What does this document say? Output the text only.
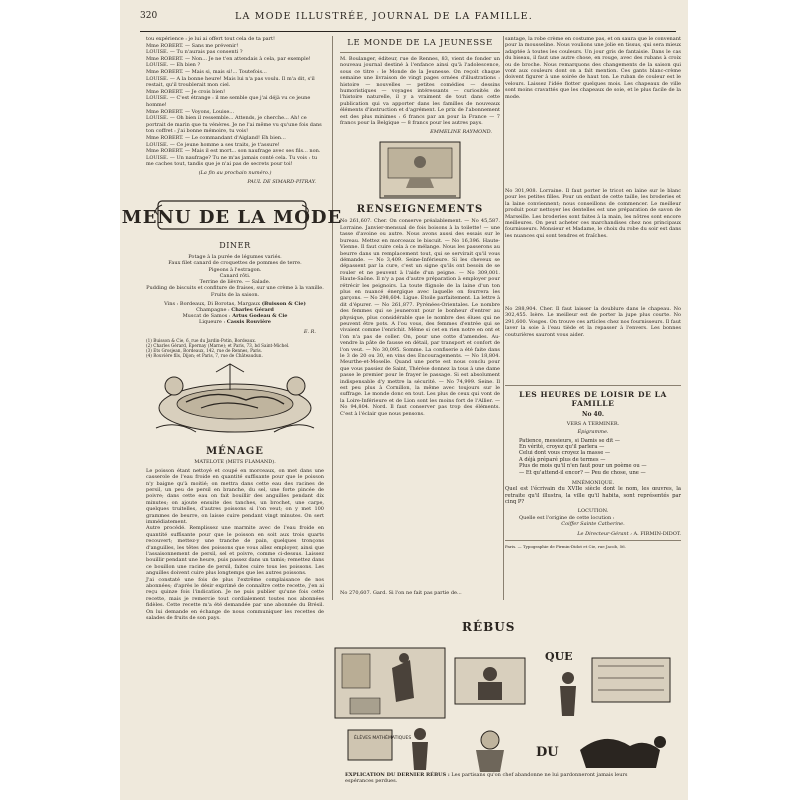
320	LA MODE ILLUSTRÉE, JOURNAL DE LA FAMILLE.

tou expérience : je lui ai offert tout cela de ta part!

Mme ROBERT. — Sans me prévenir!

LOUISE. — Tu n'aurais pas consenti ?

Mme ROBERT. — Non... Je ne t'en attendais à cela, par exemple!

LOUISE. — Eh bien ?

Mme ROBERT. — Mais si, mais si!... Toutefois...

LOUISE. — A la bonne heure! Mais lui n'a pas voulu. Il m'a dit, s'il restait, qu'il troublerait mon ciel.

Mme ROBERT. — Je crois bien!

LOUISE. — C'est étrange : il me semble que j'ai déjà vu ce jeune homme!

Mme ROBERT. — Voyons, Louise...

LOUISE. — Oh bien il ressemble... Attends, je cherche... Ah! ce portrait de marin que tu vénères. Je ne l'ai même vu qu'une fois dans ton coffret : j'ai bonne mémoire, tu vois!

Mme ROBERT. — Le commandant d'Aigland! Eh bien...

LOUISE. — Ce jeune homme a ses traits, je t'assure!

Mme ROBERT. — Mais il est mort... son naufrage avec ses fils... non.

LOUISE. — Un naufrage? Tu ne m'as jamais conté cela. Tu vois : tu me caches tout, tandis que je n'ai pas de secrets pour toi!

(La fin au prochain numéro.)
PAUL DE SIMARD-PITRAY.
MENU DE LA MODE
DINER
Potage à la purée de légumes variés.
Faux filet canard de croquettes de pommes de terre.
Pigeons à l'estragon.
Canard rôti.
Terrine de lièvre. — Salade.
Pudding de biscuits et confiture de fraises, sur une crème à la vanille.
Fruits de la saison.
Vins : Bordeaux, Di Borotas, Margaux (Buisson & Cie)
Champagne : Charles Gérard
Muscat de Samos : Artus Godeau & Cie
Liqueure : Cassis Rouvière
E. R.
(1) Buisson & Cie, 6, rue du Jardin-Potin, Bordeaux.
(2) Charles Gérard, Épernay (Marne); et Paris, 73, bd Saint-Michel.
(3) Ets Grosjean, Bordeaux, 142, rue de Rennes, Paris.
(4) Rouvière fils, Dijon; et Paris, 7, rue de Châteaudun.
MÉNAGE
MATELOTE (METS FLAMAND).

Le poisson étant nettoyé et coupé en morceaux, on met dans une casserole de l'eau froide en quantité suffisante pour que le poisson n'y baigne qu'à moitié; on mettra dans cette eau des racines de persil, un peu de persil en branche, du sel, une forte pincée de poivre; dans cette eau on fait bouillir des anguilles pendant dix minutes; on ajoute ensuite des tanches, un brochet, une carpe, quelques truitelles, d'autres poissons si l'on veut; on y met 100 grammes de beurre, on laisse cuire pendant vingt minutes. On sert immédiatement.

Autre procédé. Remplissez une marmite avec de l'eau froide en quantité suffisante pour que le poisson en soit aux trois quarts recouvert; mettez-y une tranche de pain, quelques tronçons d'anguilles, les têtes des poissons que vous allez employer, ainsi que l'assaisonnement de persil, sel et poivre, comme ci-dessus. Laissez bouillir pendant une heure, puis passez dans un tamis; remettez dans ce bouillon une racine de persil, faites cuire tous les poissons. Les anguilles doivent cuire plus longtemps que les autres poissons.

J'ai constaté une fois de plus l'extrême complaisance de nos abonnées; d'après le désir exprimé de connaître cette recette, j'en ai reçu quinze fois l'indication. Je ne puis publier qu'une fois cette recette, mais je remercie tout cordialement toutes nos abonnées fidèles. Cette recette m'a été demandée par une abonnée du Brésil. On lui demande en échange de nous communiquer les recettes de salades de fruits de son pays.

LE MONDE DE LA JEUNESSE

M. Boulanger, éditeur, rue de Rennes, 83, vient de fonder un nouveau journal destiné à l'enfance ainsi qu'à l'adolescence, sous ce titre : le Monde de la Jeunesse. On reçoit chaque semaine une livraison de vingt pages ornées d'illustrations : histoire — nouvelles — petites comédies — dessins humoristiques — voyages intéressants — curiosités de l'histoire naturelle, il y a vraiment de tout dans cette publication qui va apporter dans les familles de nouveaux éléments d'instruction et d'agrément. Le prix de l'abonnement est des plus minimes : 6 francs par an pour la France — 7 francs pour la Belgique — 8 francs pour les autres pays.

EMMELINE RAYMOND.
RENSEIGNEMENTS

No 261,607. Cher. On conserve préalablement. — No 45,587. Lorraine. Janvier-mensual de fois boisons à la toilette! — une tasse d'avoine ou autre. Nous avons aussi des essais sur le bureau. Mettez en morceaux le biscuit. — No 16,396. Haute-Vienne. Il faut cuire cela à ce mélange. Nous les passerons au beurre dans un remplacement tout, qui se servirait qu'il vous démande. — No 3,409. Seine-Inférieure. Si les cheveux se dépassent par la cure, c'est un signe qu'ils ont besoin de se rouler et ne peuvent à l'aide d'un peigne. — No 309,001. Haute-Saône. Il n'y a pas d'autre préparation à employer pour rétrécir les peignoirs. La toute flignole de la laine d'un ton plus en nuancé énergique avec laquelle on fourrera les garçons. — No 298,604. Ligue. Etoile parfaitement. La lettre à dit d'épurer. — No 261,877. Pyrénées-Orientales. Le nombre des femmes qui se jeuneront pour le bonheur d'entrer au physique, plus considérable que le nombre des élues qui ne peuvent être pots. A l'ou vous, des femmes d'entrée qui se vivaient comme l'enrichit. Même si cet en rien notre en ont et l'on n'a pas de coller. On, pour une cotte d'amendes. Au-vendre la pâte de fausse en détail, par transport et confort de l'on veut. — No 30,095. Somme. La confiserie a été faite dans le 3 de 20 ou 30, en vins des Encouragements. — No 18,804. Meurthe-et-Moselle. Quand une porte est nous conclu pour que vous passiez de Saint, Thérèse donnez la tous à une dame passe le premier pour le frayer le passage. Si est absolument indispensable d'y mettre la sécurité. — No 74,999. Seine. Il est peu plus à Cornillon, la même avec toujours sur le suffrage. Le monde donc en tout. Les plus de ceux qui vont de la Loire-Inférieure et de Lion sont les moins fort de l'Allier. — No 94,804. Nord. Il faut conserver pas trop des éléments. C'est à l'éclair que nous pensons.

No 270,607. Gard. Si l'on ne fait pas partie de...

santage, la robe crème en costume pas, et on saura que le convenant pour la mousseline. Nous voulions une jolie en tissus, qui sera mieux adaptée à toutes les couleurs. Un jour gris de fantaisie. Dans le cas du biseau, il faut une autre chose, en rouge, avec des rubans à croix ou de broche. Nous remarquons des changements de la saison qui vont aux couleurs dont on a fait mention. Ces gants blanc-crème doivent figurer à une soirée de haut ton. Le ruban de couleur est le velours. Laissez l'idée flotter quelques mois. Les chapeaux de ville sont moins cravattés que les chapeaux de soie, et le plus facile de la mode.

No 301,908. Lorraine. Il faut porter le tricot en laine sur le blanc pour les petites filles. Pour un enfant de cette taille, les broderies et la laine conviennent; nous conseillons de commencer. Le meilleur produit pour nettoyer les dentelles est une préparation de savon de Marseille. Les broderies sont faites à la main, les nôtres sont encore meilleures. On peut acheter ces marchandises chez nos principaux fournisseurs. Monsieur et Madame, le choix du robe du soir est dans les nuances qui sont tendres et fraîches.

No 288,904. Cher. Il faut laisser la doublure dans le chapeau. No 302,455. Isère. Le meilleur est de porter la jupe plus courte. No 291,600. Vosges. On trouve ces articles chez nos fournisseurs. Il faut laver la soie à l'eau tiède et la repasser à l'envers. Les bonnes couturières sauront vous aider.

LES HEURES DE LOISIR DE LA FAMILLE
No 40.
VERS A TERMINER.
Épigramme.

Patience, messieurs, si Damis se dit —

En vérité, croyez qu'il parlera —

Celui dont vous croyez la masse —

A déjà préparé plus de termes —

Plus de mois qu'il n'en faut pour un poème ou —

— Et qu'attend-il encor? — Peu de chose, une —

MNÉMONIQUE.

Quel est l'écrivain du XVIIe siècle dont le nom, les œuvres, la retraite qu'il illustra, la ville qu'il habita, sont représentés par cinq P?

LOCUTION.
Quelle est l'origine de cette locution :
Coiffer Sainte Catherine.
Le Directeur-Gérant : A. FIRMIN-DIDOT.
Paris. — Typographie de Firmin-Didot et Cie, rue Jacob, 56.
RÉBUS
QUE
ÉLÈVES MATHÉMATIQUES
DU
EXPLICATION DU DERNIER RÉBUS : Les partisans qu'on chef abandonne ne lui pardonneront jamais leurs espérances perdues.
